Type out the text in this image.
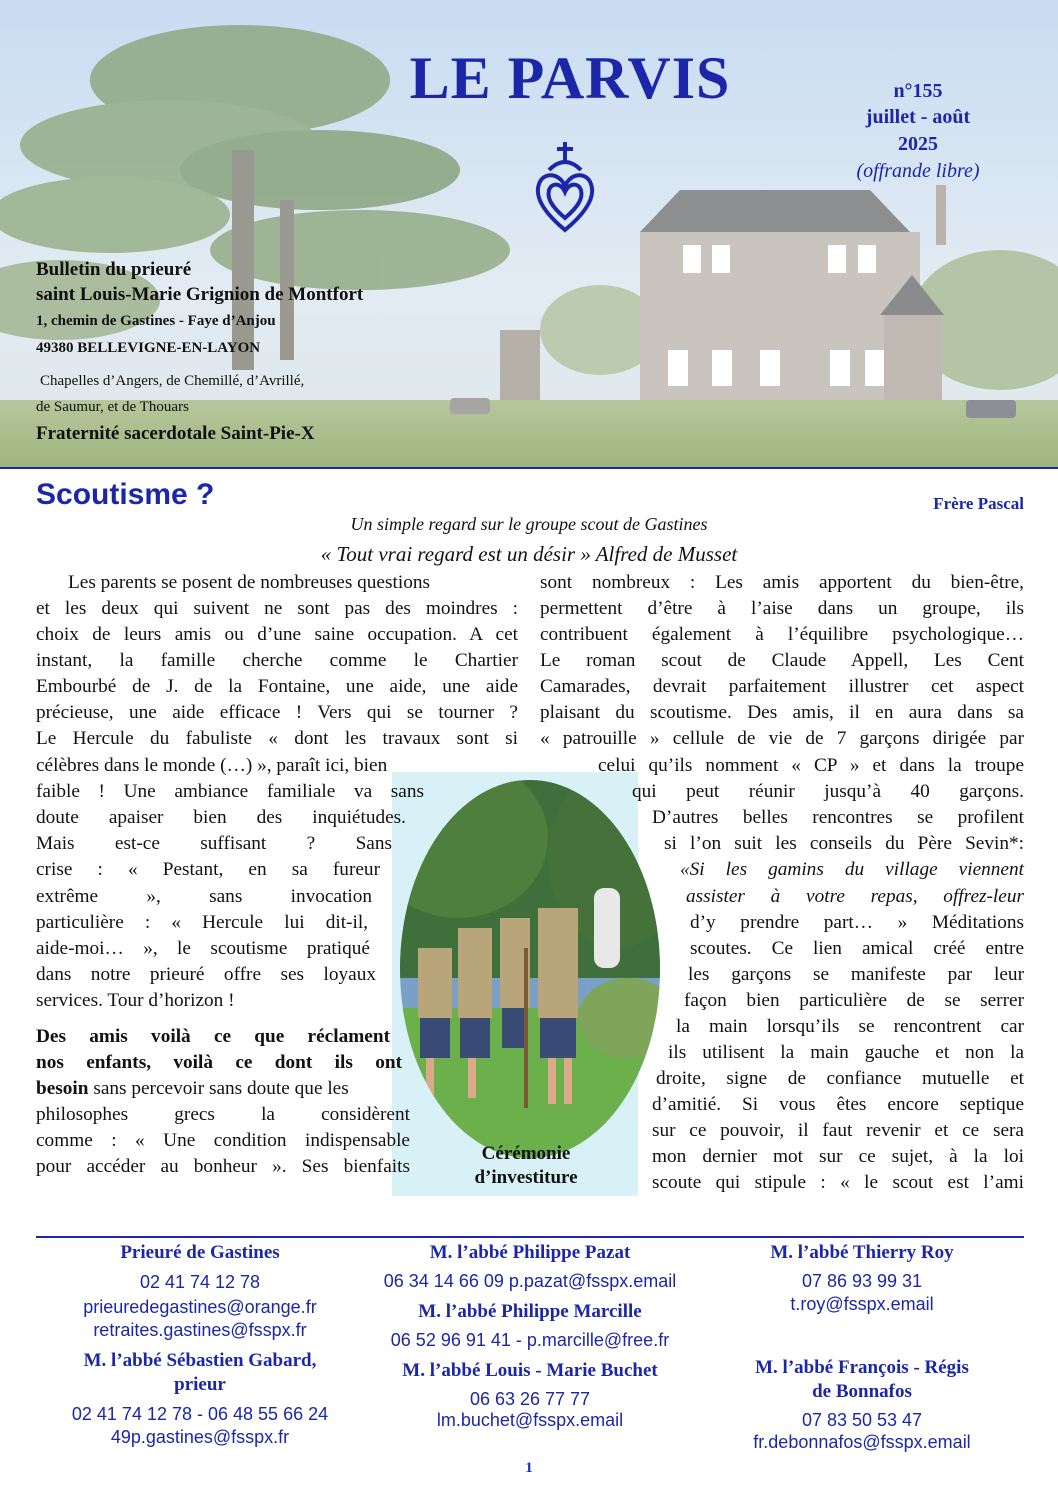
LE PARVIS	n°155
juillet - août
2025
(offrande libre)
Bulletin du prieuré
saint Louis-Marie Grignion de Montfort
1, chemin de Gastines - Faye d’Anjou
49380 BELLEVIGNE-EN-LAYON
Chapelles d’Angers, de Chemillé, d’Avrillé,
de Saumur, et de Thouars
Fraternité sacerdotale Saint-Pie-X
Scoutisme ?	Frère Pascal
Un simple regard sur le groupe scout de Gastines
« Tout vrai regard est un désir » Alfred de Musset
Cérémonie
d’investiture
Les parents se posent de nombreuses questions
et les deux qui suivent ne sont pas des moindres :
choix de leurs amis ou d’une saine occupation. A cet
instant, la famille cherche comme le Chartier
Embourbé de J. de la Fontaine, une aide, une aide
précieuse, une aide efficace ! Vers qui se tourner ?
Le Hercule du fabuliste « dont les travaux sont si
célèbres dans le monde (…) », paraît ici, bien
faible ! Une ambiance familiale va sans
doute apaiser bien des inquiétudes.
Mais est-ce suffisant ? Sans
crise : « Pestant, en sa fureur
extrême », sans invocation
particulière : « Hercule lui dit-il,
aide-moi… », le scoutisme pratiqué
dans notre prieuré offre ses loyaux
services. Tour d’horizon !
Des amis voilà ce que réclament
nos enfants, voilà ce dont ils ont
besoin sans percevoir sans doute que les
philosophes grecs la considèrent
comme : « Une condition indispensable
pour accéder au bonheur ». Ses bienfaits
sont nombreux : Les amis apportent du bien-être,
permettent d’être à l’aise dans un groupe, ils
contribuent également à l’équilibre psychologique…
Le roman scout de Claude Appell, Les Cent
Camarades, devrait parfaitement illustrer cet aspect
plaisant du scoutisme. Des amis, il en aura dans sa
« patrouille » cellule de vie de 7 garçons dirigée par
celui qu’ils nomment « CP » et dans la troupe
qui peut réunir jusqu’à 40 garçons.
D’autres belles rencontres se profilent
si l’on suit les conseils du Père Sevin*:
«Si les gamins du village viennent
assister à votre repas, offrez-leur
d’y prendre part… » Méditations
scoutes. Ce lien amical créé entre
les garçons se manifeste par leur
façon bien particulière de se serrer
la main lorsqu’ils se rencontrent car
ils utilisent la main gauche et non la
droite, signe de confiance mutuelle et
d’amitié. Si vous êtes encore septique
sur ce pouvoir, il faut revenir et ce sera
mon dernier mot sur ce sujet, à la loi
scoute qui stipule : « le scout est l’ami
Prieuré de Gastines
02 41 74 12 78
prieuredegastines@orange.fr
retraites.gastines@fsspx.fr
M. l’abbé Sébastien Gabard,
prieur
02 41 74 12 78 - 06 48 55 66 24
49p.gastines@fsspx.fr
M. l’abbé Philippe Pazat
06 34 14 66 09 p.pazat@fsspx.email
M. l’abbé Philippe Marcille
06 52 96 91 41 - p.marcille@free.fr
M. l’abbé Louis - Marie Buchet
06 63 26 77 77
lm.buchet@fsspx.email
M. l’abbé Thierry Roy
07 86 93 99 31
t.roy@fsspx.email
M. l’abbé François - Régis
de Bonnafos
07 83 50 53 47
fr.debonnafos@fsspx.email
1
